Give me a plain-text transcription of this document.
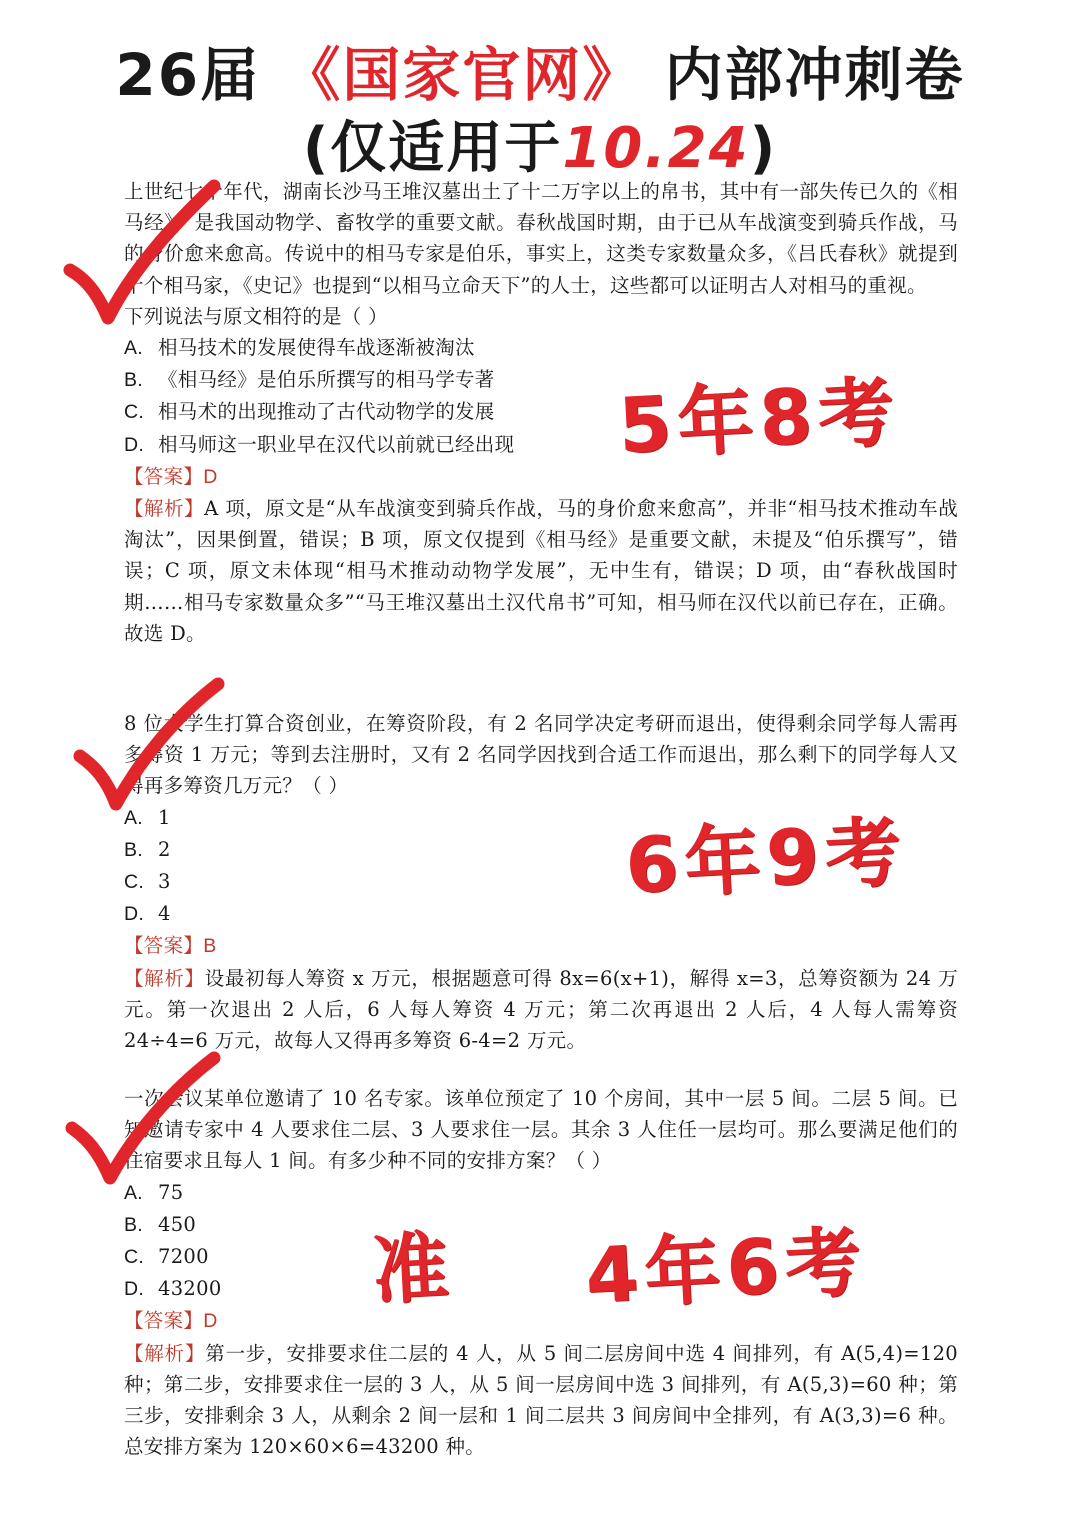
26届 《国家官网》 内部冲刺卷
(仅适用于10.24)

上世纪七十年代，湖南长沙马王堆汉墓出土了十二万字以上的帛书，其中有一部失传已久的《相马经》，是我国动物学、畜牧学的重要文献。春秋战国时期，由于已从车战演变到骑兵作战，马的身价愈来愈高。传说中的相马专家是伯乐，事实上，这类专家数量众多，《吕氏春秋》就提到十个相马家，《史记》也提到“以相马立命天下”的人士，这些都可以证明古人对相马的重视。

下列说法与原文相符的是（ ）

A. 相马技术的发展使得车战逐渐被淘汰
B. 《相马经》是伯乐所撰写的相马学专著
C. 相马术的出现推动了古代动物学的发展
D. 相马师这一职业早在汉代以前就已经出现

【答案】D

【解析】A 项，原文是“从车战演变到骑兵作战，马的身价愈来愈高”，并非“相马技术推动车战淘汰”，因果倒置，错误；B 项，原文仅提到《相马经》是重要文献，未提及“伯乐撰写”，错误；C 项，原文未体现“相马术推动动物学发展”，无中生有，错误；D 项，由“春秋战国时期……相马专家数量众多”“马王堆汉墓出土汉代帛书”可知，相马师在汉代以前已存在，正确。故选 D。

8 位大学生打算合资创业，在筹资阶段，有 2 名同学决定考研而退出，使得剩余同学每人需再多筹资 1 万元；等到去注册时，又有 2 名同学因找到合适工作而退出，那么剩下的同学每人又得再多筹资几万元？（ ）

A. 1
B. 2
C. 3
D. 4

【答案】B

【解析】设最初每人筹资 x 万元，根据题意可得 8x=6(x+1)，解得 x=3，总筹资额为 24 万元。第一次退出 2 人后，6 人每人筹资 4 万元；第二次再退出 2 人后，4 人每人需筹资 24÷4=6 万元，故每人又得再多筹资 6-4=2 万元。

一次会议某单位邀请了 10 名专家。该单位预定了 10 个房间，其中一层 5 间。二层 5 间。已知邀请专家中 4 人要求住二层、3 人要求住一层。其余 3 人住任一层均可。那么要满足他们的住宿要求且每人 1 间。有多少种不同的安排方案？（ ）

A. 75
B. 450
C. 7200
D. 43200

【答案】D

【解析】第一步，安排要求住二层的 4 人，从 5 间二层房间中选 4 间排列，有 A(5,4)=120 种；第二步，安排要求住一层的 3 人，从 5 间一层房间中选 3 间排列，有 A(5,3)=60 种；第三步，安排剩余 3 人，从剩余 2 间一层和 1 间二层共 3 间房间中全排列，有 A(3,3)=6 种。总安排方案为 120×60×6=43200 种。

5年8考
6年9考
准 4年6考
